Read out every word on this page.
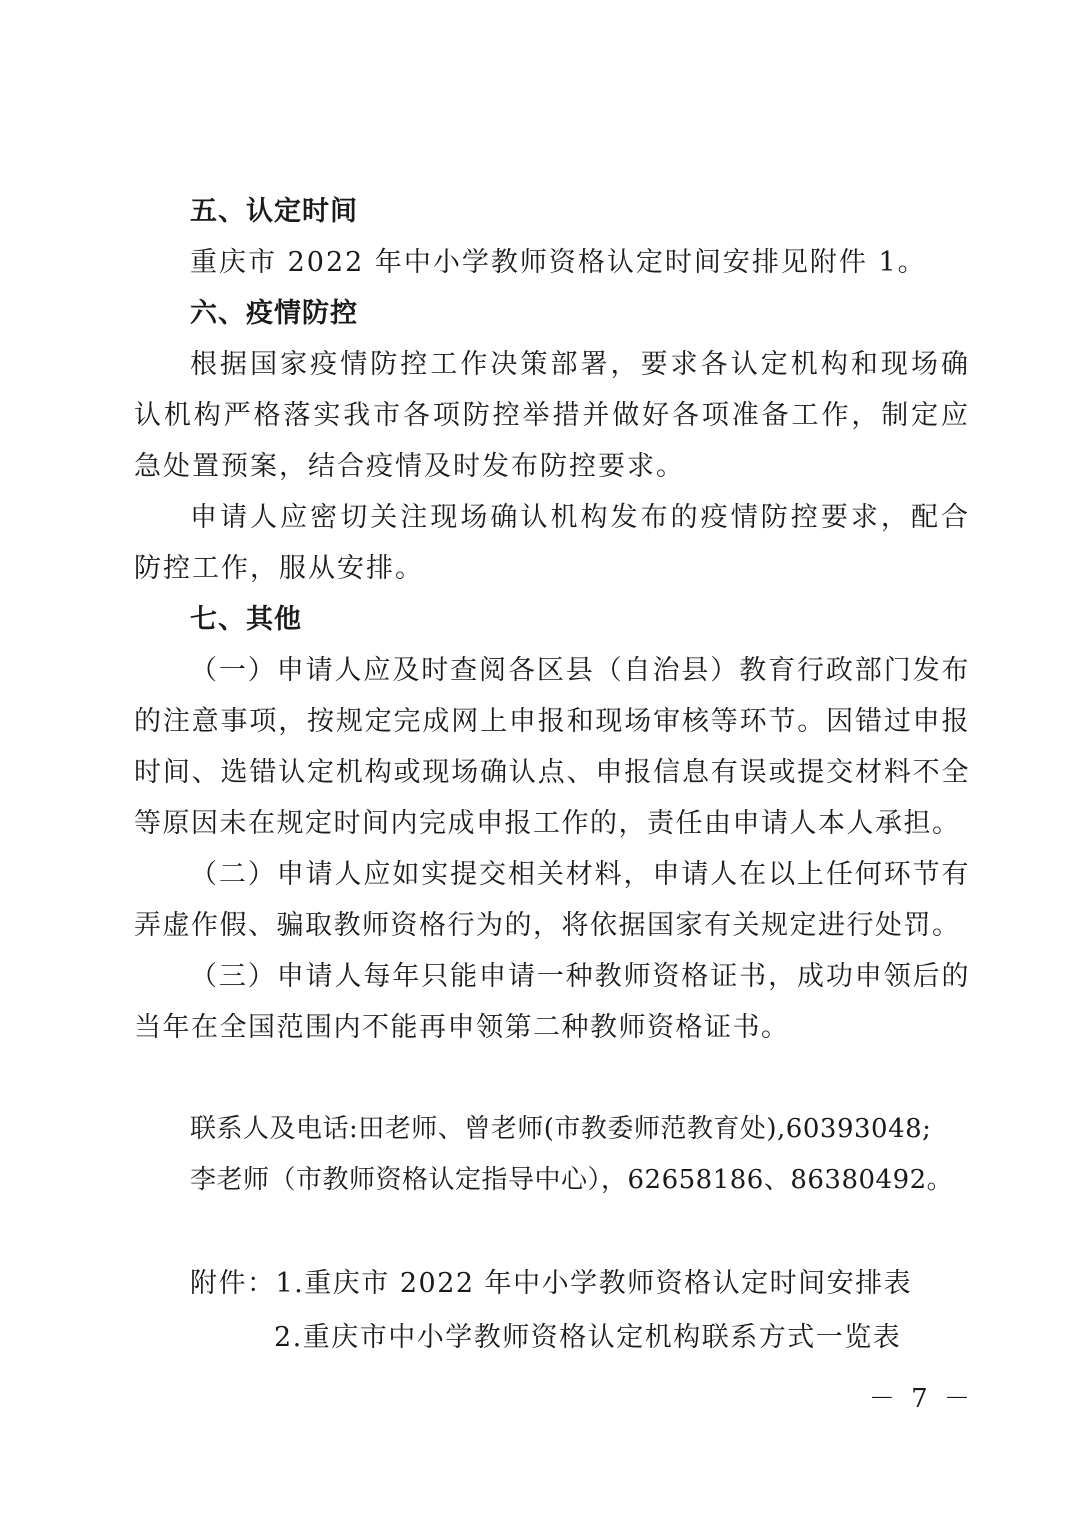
五、认定时间

重庆市 2022 年中小学教师资格认定时间安排见附件 1。

六、疫情防控

根据国家疫情防控工作决策部署，要求各认定机构和现场确认机构严格落实我市各项防控举措并做好各项准备工作，制定应急处置预案，结合疫情及时发布防控要求。

申请人应密切关注现场确认机构发布的疫情防控要求，配合防控工作，服从安排。

七、其他

（一）申请人应及时查阅各区县（自治县）教育行政部门发布的注意事项，按规定完成网上申报和现场审核等环节。因错过申报时间、选错认定机构或现场确认点、申报信息有误或提交材料不全等原因未在规定时间内完成申报工作的，责任由申请人本人承担。

（二）申请人应如实提交相关材料，申请人在以上任何环节有弄虚作假、骗取教师资格行为的，将依据国家有关规定进行处罚。

（三）申请人每年只能申请一种教师资格证书，成功申领后的当年在全国范围内不能再申领第二种教师资格证书。

联系人及电话:田老师、曾老师(市教委师范教育处),60393048;
李老师（市教师资格认定指导中心），62658186、86380492。
附件：1.重庆市 2022 年中小学教师资格认定时间安排表
2.重庆市中小学教师资格认定机构联系方式一览表
－ 7 －
